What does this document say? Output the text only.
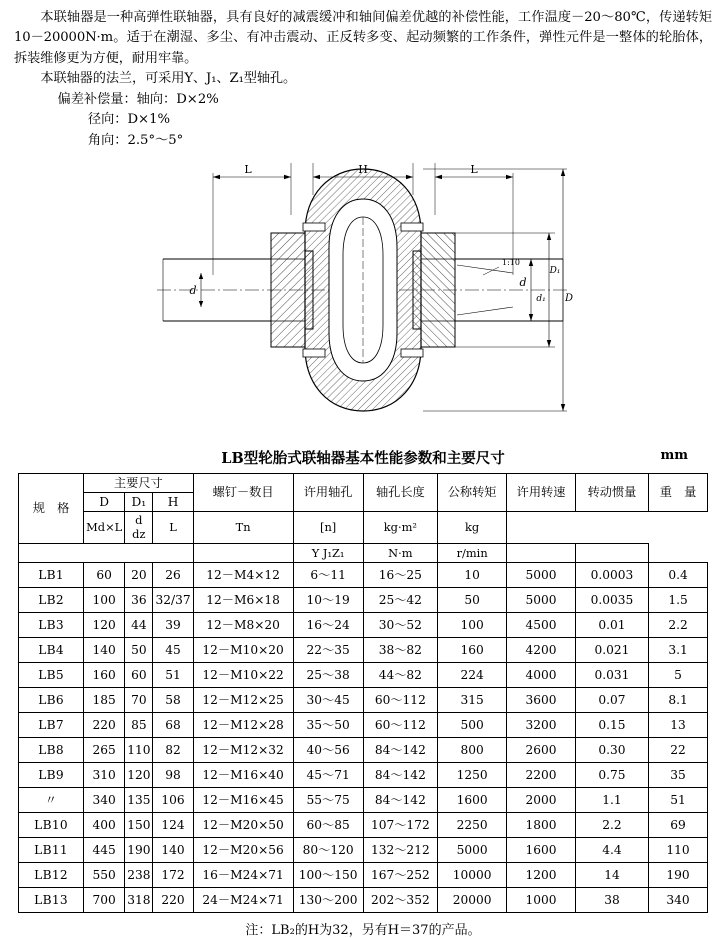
本联轴器是一种高弹性联轴器，具有良好的减震缓冲和轴间偏差优越的补偿性能，工作温度－20～80℃，传递转矩10－20000N·m。适于在潮湿、多尘、有冲击震动、正反转多变、起动频繁的工作条件，弹性元件是一整体的轮胎体，拆装维修更为方便，耐用牢靠。

本联轴器的法兰，可采用Y、J₁、Z₁型轴孔。

偏差补偿量：轴向：D×2%
径向：D×1%
角向：2.5°～5°
L	H	L
d
d
d₁
D₁
D
1:10
LB型轮胎式联轴器基本性能参数和主要尺寸	mm
规　格	主要尺寸			螺钉－数目	许用轴孔	轴孔长度	公称转矩	许用转速	转动惯量	重　量
	D	D₁	H							
	Md×L	d dz	L	Tn	[n]	kg·m²	kg			
					Y J₁Z₁	N·m	r/min			
LB1	60	20	26	12－M4×12	6～11	16～25	10	5000	0.0003	0.4
LB2	100	36	32/37	12－M6×18	10～19	25～42	50	5000	0.0035	1.5
LB3	120	44	39	12－M8×20	16～24	30～52	100	4500	0.01	2.2
LB4	140	50	45	12－M10×20	22～35	38～82	160	4200	0.021	3.1
LB5	160	60	51	12－M10×22	25～38	44～82	224	4000	0.031	5
LB6	185	70	58	12－M12×25	30～45	60～112	315	3600	0.07	8.1
LB7	220	85	68	12－M12×28	35～50	60～112	500	3200	0.15	13
LB8	265	110	82	12－M12×32	40～56	84～142	800	2600	0.30	22
LB9	310	120	98	12－M16×40	45～71	84～142	1250	2200	0.75	35
〃	340	135	106	12－M16×45	55～75	84～142	1600	2000	1.1	51
LB10	400	150	124	12－M20×50	60～85	107～172	2250	1800	2.2	69
LB11	445	190	140	12－M20×56	80～120	132～212	5000	1600	4.4	110
LB12	550	238	172	16－M24×71	100～150	167～252	10000	1200	14	190
LB13	700	318	220	24－M24×71	130～200	202～352	20000	1000	38	340
注：LB₂的H为32，另有H＝37的产品。
